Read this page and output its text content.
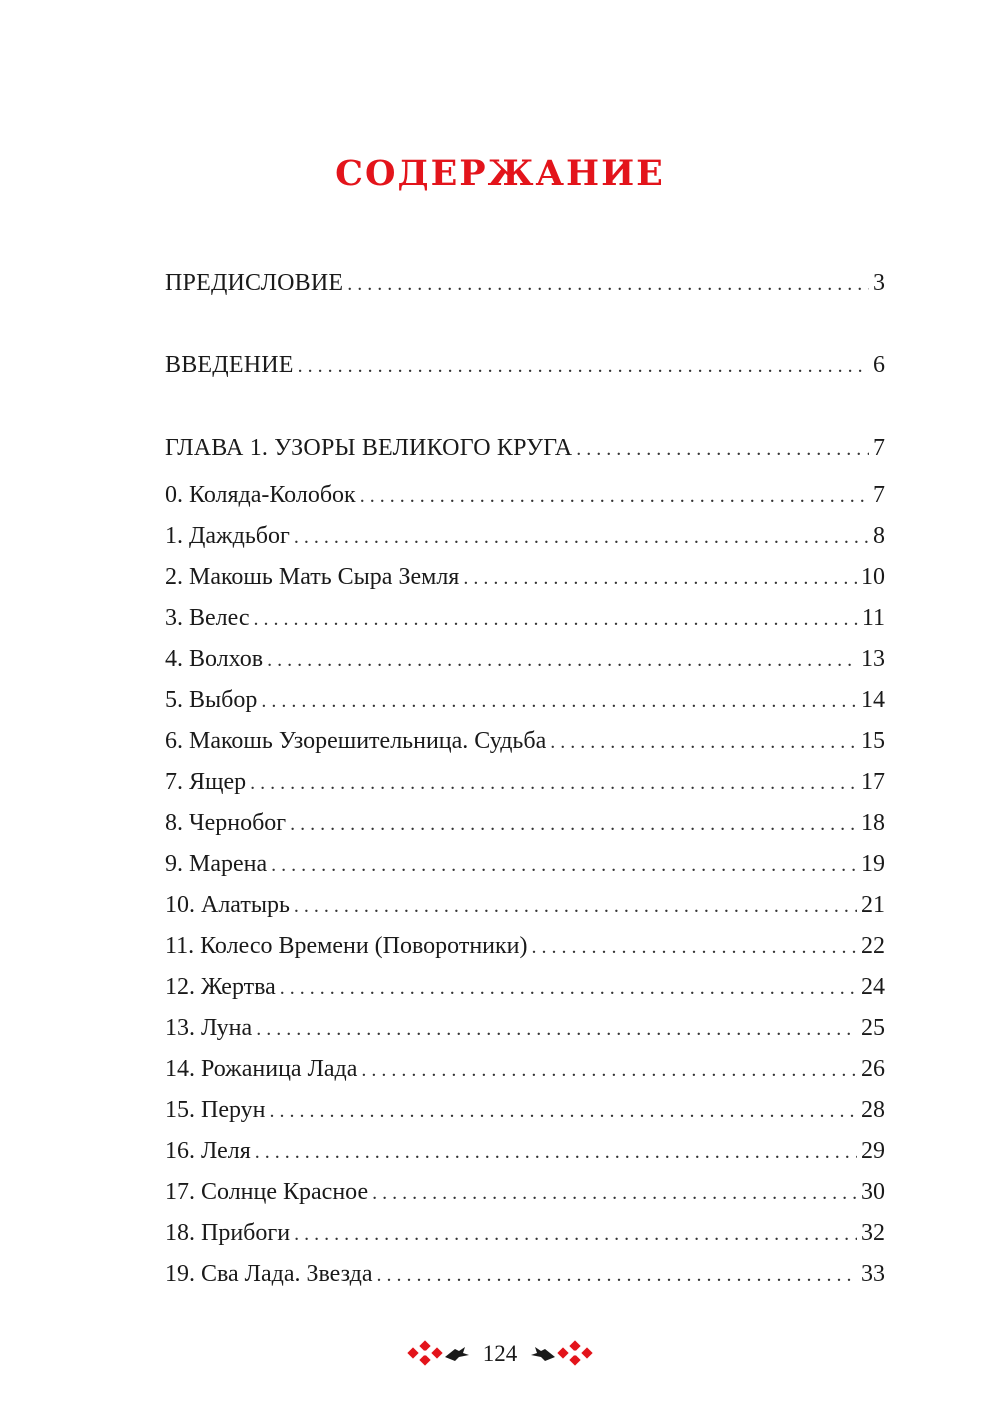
содержание
ПРЕДИСЛОВИЕ . . .	3
ВВЕДЕНИЕ . . .	6
ГЛАВА 1. УЗОРЫ ВЕЛИКОГО КРУГА . . .	7
0. Коляда-Колобок . . .	7
1. Даждьбог . . .	8
2. Макошь Мать Сыра Земля . . .	10
3. Велес . . .	11
4. Волхов . . .	13
5. Выбор . . .	14
6. Макошь Узорешительница. Судьба . . .	15
7. Ящер . . .	17
8. Чернобог . . .	18
9. Марена . . .	19
10. Алатырь . . .	21
11. Колесо Времени (Поворотники) . . .	22
12. Жертва . . .	24
13. Луна . . .	25
14. Рожаница Лада . . .	26
15. Перун . . .	28
16. Леля . . .	29
17. Солнце Красное . . .	30
18. Прибоги . . .	32
19. Сва Лада. Звезда . . .	33
124
